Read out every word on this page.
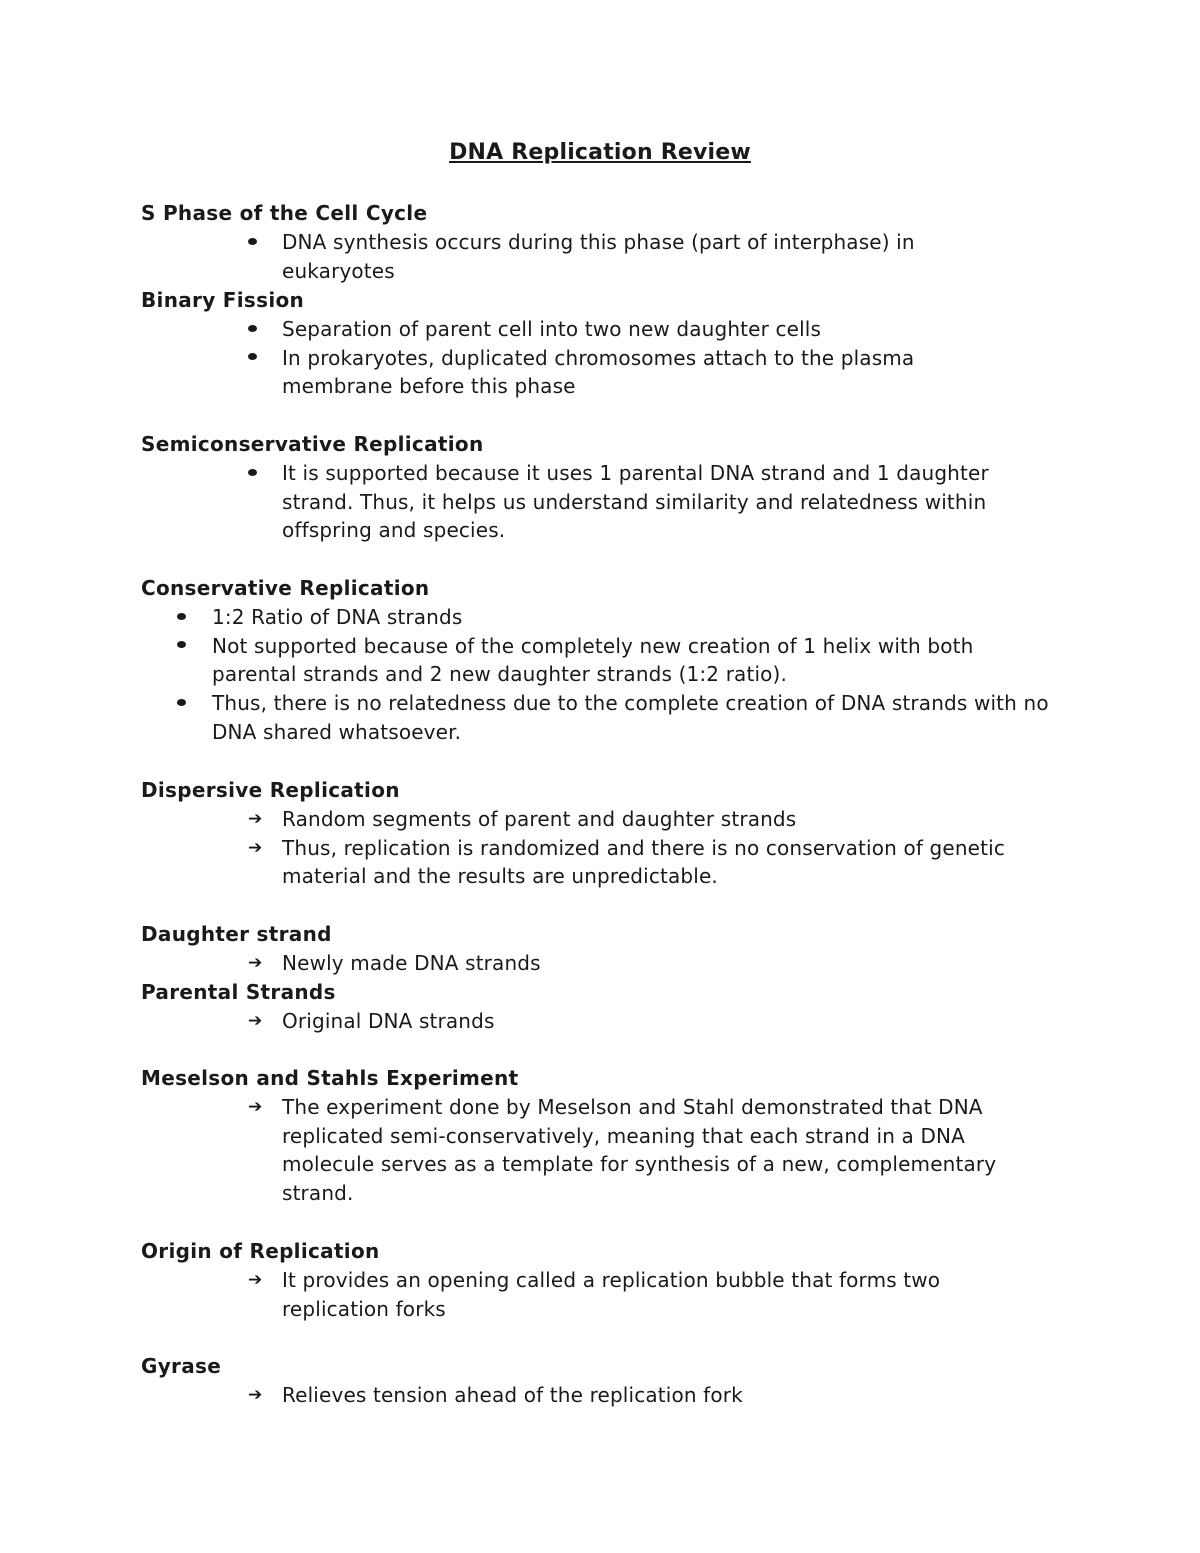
DNA Replication Review
S Phase of the Cell Cycle
DNA synthesis occurs during this phase (part of interphase) in eukaryotes
Binary Fission
Separation of parent cell into two new daughter cells
In prokaryotes, duplicated chromosomes attach to the plasma membrane before this phase
Semiconservative Replication
It is supported because it uses 1 parental DNA strand and 1 daughter strand. Thus, it helps us understand similarity and relatedness within offspring and species.
Conservative Replication
1:2 Ratio of DNA strands
Not supported because of the completely new creation of 1 helix with both parental strands and 2 new daughter strands (1:2 ratio).
Thus, there is no relatedness due to the complete creation of DNA strands with no DNA shared whatsoever.
Dispersive Replication
➔ Random segments of parent and daughter strands
➔ Thus, replication is randomized and there is no conservation of genetic material and the results are unpredictable.
Daughter strand
➔ Newly made DNA strands
Parental Strands
➔ Original DNA strands
Meselson and Stahls Experiment
➔ The experiment done by Meselson and Stahl demonstrated that DNA replicated semi-conservatively, meaning that each strand in a DNA molecule serves as a template for synthesis of a new, complementary strand.
Origin of Replication
➔ It provides an opening called a replication bubble that forms two replication forks
Gyrase
➔ Relieves tension ahead of the replication fork
